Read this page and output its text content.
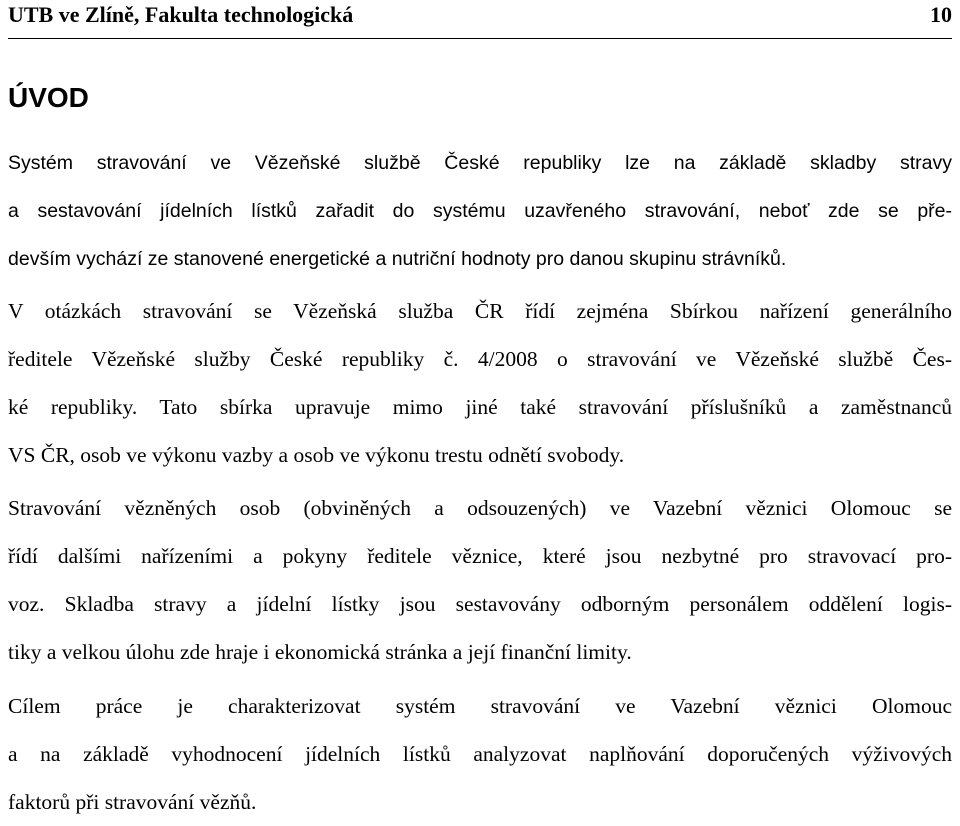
UTB ve Zlíně, Fakultа technologická	10
ÚVOD

Systém stravování ve Vězeňské službě České republiky lze na základě skladby stravy
a sestavování jídelních lístků zařadit do systému uzavřeného stravování, neboť zde se pře-
devším vychází ze stanovené energetické a nutriční hodnoty pro danou skupinu strávníků.

V otázkách stravování se Vězeňská služba ČR řídí zejména Sbírkou nařízení generálního
ředitele Vězeňské služby České republiky č. 4/2008 o stravování ve Vězeňské službě Čes-
ké republiky. Tato sbírka upravuje mimo jiné také stravování příslušníků a zaměstnanců
VS ČR, osob ve výkonu vazby a osob ve výkonu trestu odnětí svobody.

Stravování vězněných osob (obviněných a odsouzených) ve Vazební věznici Olomouc se
řídí dalšími nařízeními a pokyny ředitele věznice, které jsou nezbytné pro stravovací pro-
voz. Skladba stravy a jídelní lístky jsou sestavovány odborným personálem oddělení logis-
tiky a velkou úlohu zde hraje i ekonomická stránka a její finanční limity.

Cílem práce je charakterizovat systém stravování ve Vazební věznici Olomouc
a na základě vyhodnocení jídelních lístků analyzovat naplňování doporučených výživových
faktorů při stravování vězňů.
